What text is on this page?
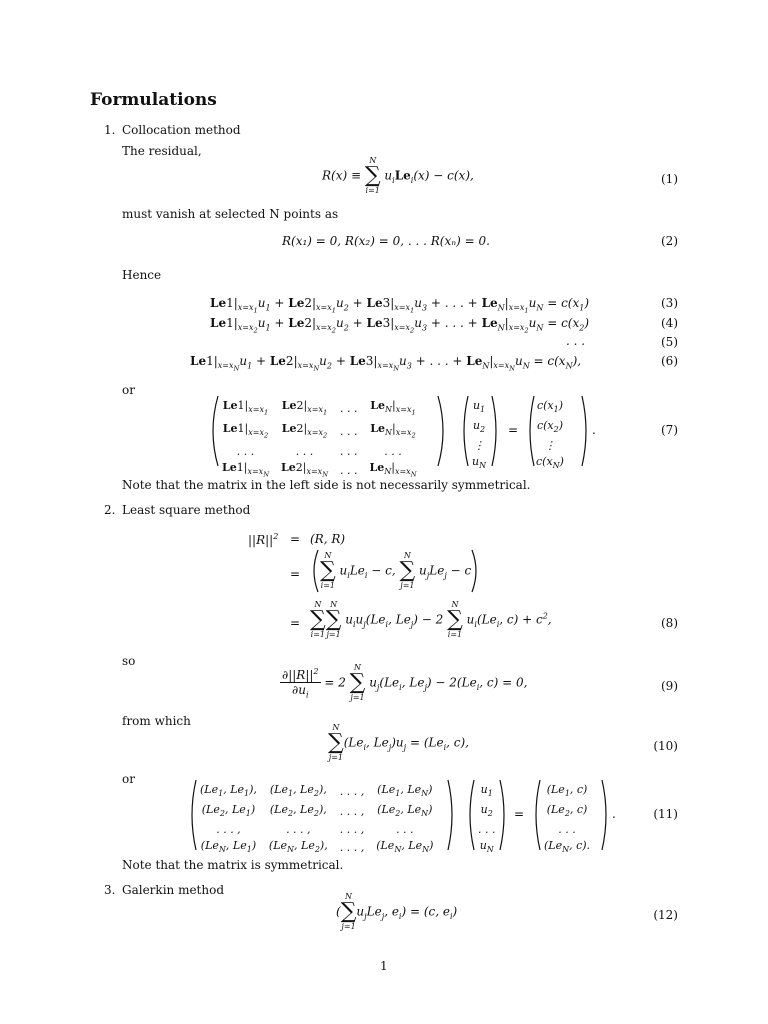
Formulations
1. Collocation method
The residual,
R(x) ≡
N
∑
i=1
$u_iLe_i(x) - c(x)$,	(1)
must vanish at selected N points as
R(x₁) = 0, R(x₂) = 0, . . . R(xₙ) = 0.	(2)
Hence
$Le1|_{x=x_1}u_1 + Le2|_{x=x_1}u_2 + Le3|_{x=x_1}u_3$ + . . . + $Le_N|_{x=x_1}u_N = c(x_1)$	(3)
$Le1|_{x=x_2}u_1 + Le2|_{x=x_2}u_2 + Le3|_{x=x_2}u_3$ + . . . + $Le_N|_{x=x_2}u_N = c(x_2)$	(4)
. . .	(5)
$Le1|_{x=x_N}u_1 + Le2|_{x=x_N}u_2 + Le3|_{x=x_N}u_3$ + . . . + $Le_N|_{x=x_N}u_N = c(x_N)$,	(6)
or
$Le1|_{x=x_1}$	$Le2|_{x=x_1}$	. . .	$Le_N|_{x=x_1}$
$Le1|_{x=x_2}$	$Le2|_{x=x_2}$	. . .	$Le_N|_{x=x_2}$
. . .	. . .	. . .	. . .
$Le1|_{x=x_N}$	$Le2|_{x=x_N}$	. . .	$Le_N|_{x=x_N}$
$u_1$
$u_2$
⋮
$u_N$
=
$c(x_1)$
$c(x_2)$
⋮
$c(x_N)$
.	(7)
Note that the matrix in the left side is not necessarily symmetrical.
2. Least square method
$||R||^2 = (R$, R)
=
N
∑
i=1
$u_iLe_i - c$,
N
∑
j=1
$u_jLe_j - c$
=
N
∑
i=1
N
∑
j=1
$u_iu_j(Le_i$, $Le_j) - 2$
N
∑
i=1
$u_i(Le_i$, $c) + c^2$,	(8)
so
$\frac{\partial||R||^2}{\partial u_i} = 2$
N
∑
j=1
$u_j(Le_i$, $Le_j) - 2(Le_i$, c) = 0,	(9)
from which	N
∑
j=1
($Le_i$, $Le_j)u_j = (Le_i$, c),	(10)
or
($Le_1$, $Le_1$),	($Le_1$, $Le_2$),	. . . ,	($Le_1$, $Le_N$)
($Le_2$, $Le_1$)	($Le_2$, $Le_2$),	. . . ,	($Le_2$, $Le_N$)
. . . ,	. . . ,	. . . ,	. . .
($Le_N$, $Le_1$)	($Le_N$, $Le_2$),	. . . ,	($Le_N$, $Le_N$)
$u_1$
$u_2$
. . .
$u_N$
=
($Le_1$, c)
($Le_2$, c)
. . .
($Le_N$, c).
.	(11)
Note that the matrix is symmetrical.
3. Galerkin method
(
N
∑
j=1
$u_jLe_j$, $e_i) = (c$, $e_i$)	(12)
1
